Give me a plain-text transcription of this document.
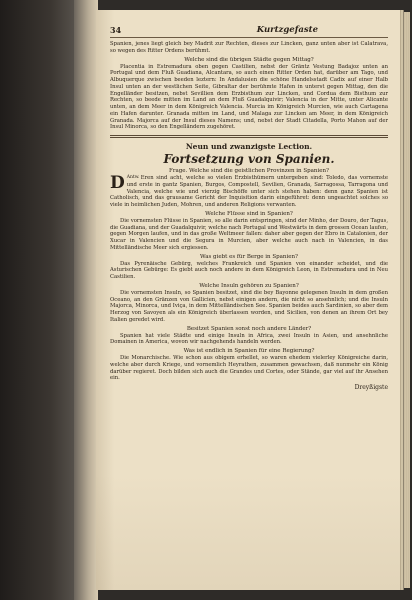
34	Kurtzgefaste

Spanien, jenes liegt gleich bey Madrit zur Rechten, dieses zur Lincken, ganz unten aber ist Calatrava, so wegen des Ritter Ordens berühmt.

Welche sind die übrigen Städte gegen Mittag?

Placentia in Estremadura oben gegen Castilien, nebst der Gräntz Vestung Badajoz unten an Portugal und dem Fluß Guadiana, Alcantara, so auch einen Ritter Orden hat, darüber am Tago, und Albuquerque zwischen beeden leztern: In Andalusien die schöne Handelsstadt Cadix auf einer Halb Insul unten an der westlichen Seite, Gibraltar der berühmte Hafen in unterst gegen Mittag, den die Engelländer besitzen, nebst Sevillien dem Erzbisthum zur Lincken, und Cordua dem Bisthum zur Rechten, so beede mitten im Land an dem Fluß Guadalquivir; Valencia in der Mitte, unter Alicante unten, an dem Meer in dem Königreich Valencia. Murcia im Königreich Murcien, wie auch Cartagena ein Hafen darunter. Granada mitten im Land, und Malaga zur Lincken am Meer, in dem Königreich Granada. Majorca auf der Insul dieses Namens; und, nebst der Stadt Citadella, Porto Mahon auf der Insul Minorca, so den Engelländern zugehöret.

Neun und zwanzigste Lection.
Fortsetzung von Spanien.

Frage. Welche sind die geistlichen Provinzen in Spanien?

Antw.
D	Eren sind acht, welche so vielen Erzbisthümern untergeben sind: Toledo, das vornemste und erste in gantz Spanien, Burgos, Compostell, Sevilien, Granada, Sarragossa, Tarragona und Valencia, welche wie und vierzig Bischöffe unter sich stehen haben: denn ganz Spanien ist Catholisch, und das grausame Gericht der Inquisition darin eingeführet: denn ungeachtet solches so viele in heimlichen Juden, Mohren, und anderen Religions verwanten.

Welche Flüsse sind in Spanien?

Die vornemsten Flüsse in Spanien, so alle darin entspringen, sind der Minho, der Douro, der Tagus, die Guadiana, und der Guadalquivir, welche nach Portugal und Westwärts in dem grossen Ocean laufen, gegen Morgen laufen, und in das große Weltmeer fallen: daher aber gegen der Ebro in Catalonien, der Xucar in Valencien und die Segura in Murcien, aber welche auch nach in Valencien, in das Mittelländische Meer sich ergiessen.

Was giebt es für Berge in Spanien?

Das Pyrenäische Gebürg, welches Frankreich und Spanien von einander scheidet, und die Asturischen Gebürge: Es giebt auch noch andere in dem Königreich Leon, in Estremadura und in Neu Castilien.

Welche Insuln gehören zu Spanien?

Die vornemsten Insuln, so Spanien besitzet, sind die bey Bayonne gelegenen Insuln in dem großen Oceano, an den Gränzen von Gallicien, nebst einigen andern, die nicht so ansehnlich; und die Insuln Majorca, Minorca, und Iviça, in dem Mittelländischen See. Spanien beides auch Sardinien, so aber dem Herzog von Savoyen als ein Königreich überlassen worden, und Sicilien, von denen an ihrem Ort bey Italien geredet wird.

Besitzet Spanien sonst noch andere Länder?

Spanien hat viele Städte und einige Insuln in Africa, zwei Insuln in Asien, und ansehnliche Domainen in America, wovon wir nachgehends handeln werden.

Was ist endlich in Spanien für eine Regierung?

Die Monarchische. Wie schon aus obigem erhellet, so waren ehedem vielerley Königreiche darin, welche aber durch Kriege, und vornemlich Heyrathen, zusammen gewachsen, daß nunmehr ein König darüber regieret. Doch bilden sich auch die Grandes und Cortes, oder Stände, gar viel auf ihr Ansehen ein.

Dreyßigste
